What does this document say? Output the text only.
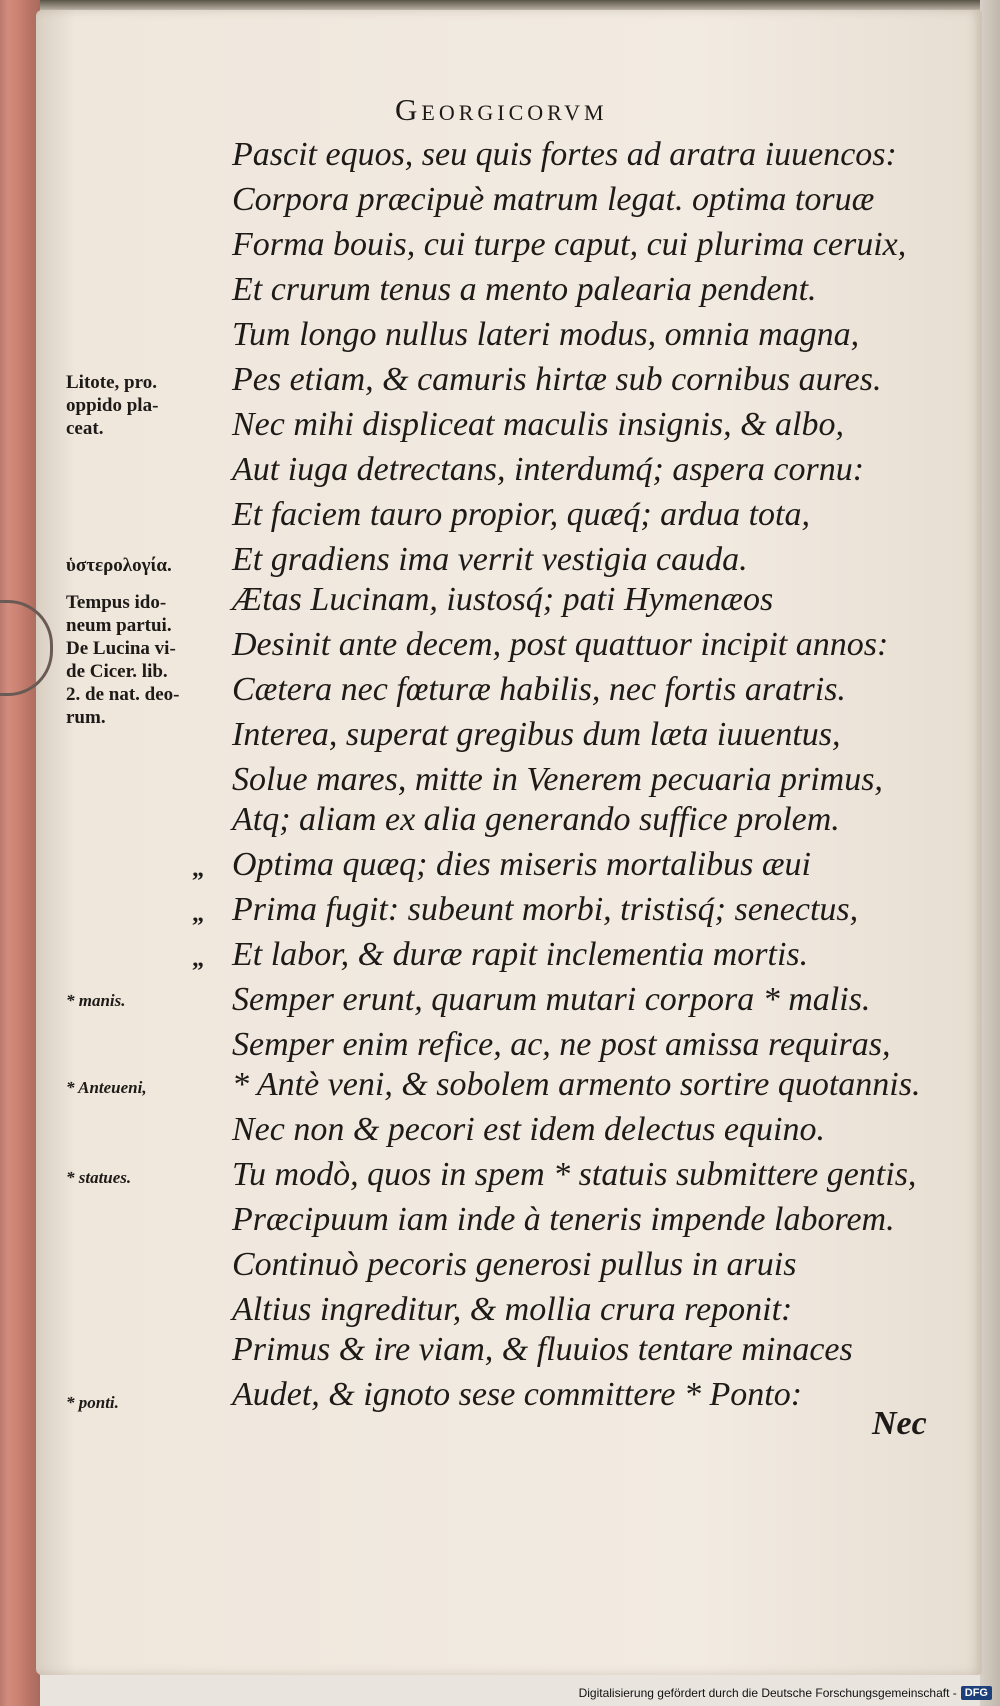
Georgicorvm
Pascit equos, seu quis fortes ad aratra iuuencos:
Corpora præcipuè matrum legat. optima toruæ
Forma bouis, cui turpe caput, cui plurima ceruix,
Et crurum tenus a mento palearia pendent.
Tum longo nullus lateri modus, omnia magna,
Pes etiam, & camuris hirtæ sub cornibus aures.
Nec mihi displiceat maculis insignis, & albo,
Aut iuga detrectans, interdumq́; aspera cornu:
Et faciem tauro propior, quæq́; ardua tota,
Et gradiens ima verrit vestigia cauda.
Ætas Lucinam, iustosq́; pati Hymenæos
Desinit ante decem, post quattuor incipit annos:
Cætera nec fœturæ habilis, nec fortis aratris.
Interea, superat gregibus dum læta iuuentus,
Solue mares, mitte in Venerem pecuaria primus,
Atq; aliam ex alia generando suffice prolem.
Optima quæq; dies miseris mortalibus æui
Prima fugit: subeunt morbi, tristisq́; senectus,
Et labor, & duræ rapit inclementia mortis.
Semper erunt, quarum mutari corpora * malis.
Semper enim refice, ac, ne post amissa requiras,
* Antè veni, & sobolem armento sortire quotannis.
Nec non & pecori est idem delectus equino.
Tu modò, quos in spem * statuis submittere gentis,
Præcipuum iam inde à teneris impende laborem.
Continuò pecoris generosi pullus in aruis
Altius ingreditur, & mollia crura reponit:
Primus & ire viam, & fluuios tentare minaces
Audet, & ignoto sese committere * Ponto:
„
„
„
Litote, pro.
oppido pla-
ceat.
ὑστερολογία.
Tempus ido-
neum partui.
De Lucina vi-
de Cicer. lib.
2. de nat. deo-
rum.
* manis.
* Anteueni,
* statues.
* ponti.
Nec
Digitalisierung gefördert durch die Deutsche Forschungsgemeinschaft - DFG
